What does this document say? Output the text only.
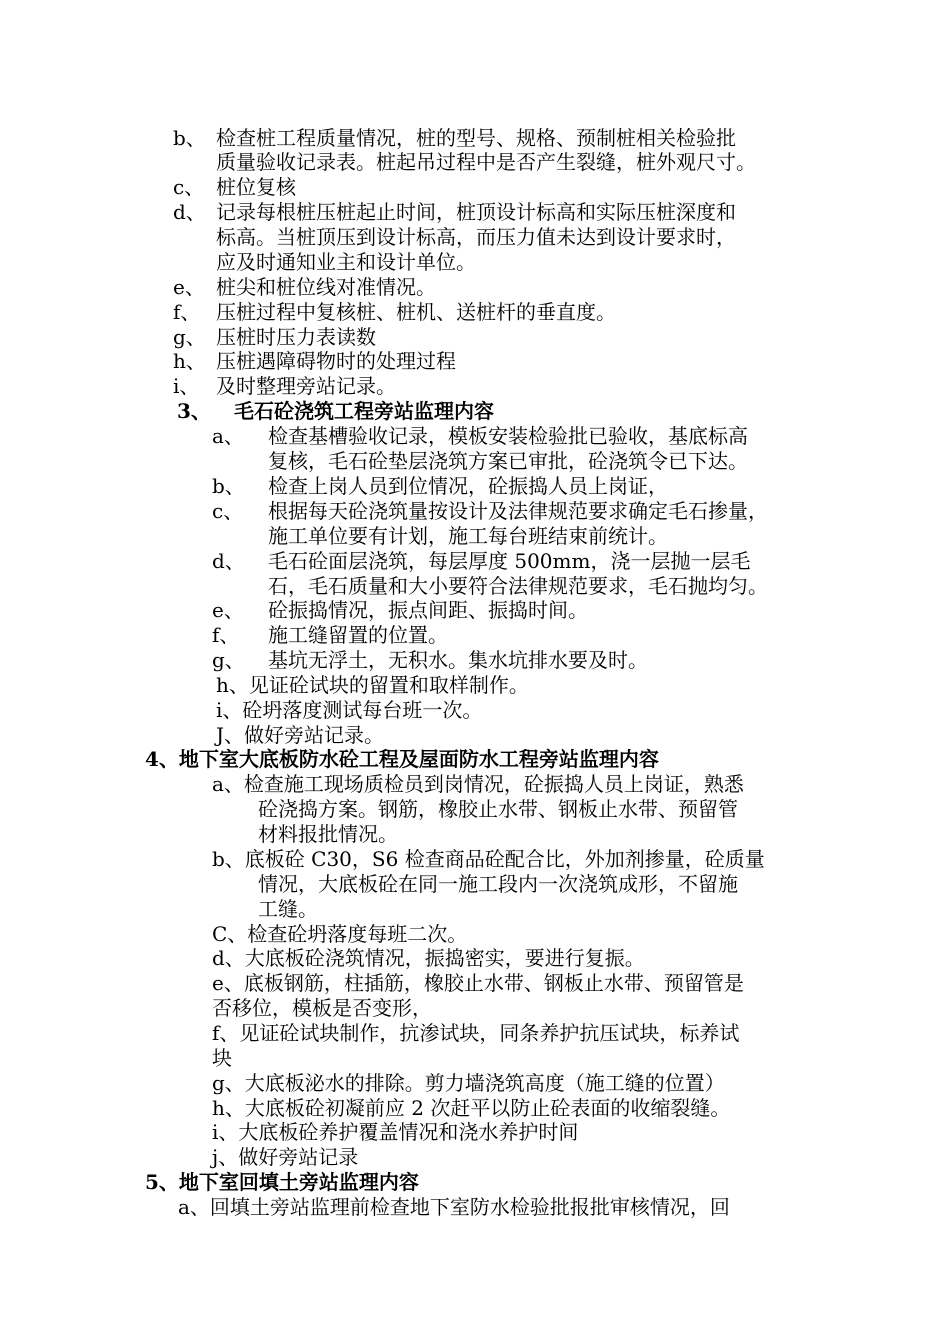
b、 检查桩工程质量情况，桩的型号、规格、预制桩相关检验批
质量验收记录表。桩起吊过程中是否产生裂缝，桩外观尺寸。
c、 桩位复核
d、 记录每根桩压桩起止时间，桩顶设计标高和实际压桩深度和
标高。当桩顶压到设计标高，而压力值未达到设计要求时，
应及时通知业主和设计单位。
e、 桩尖和桩位线对准情况。
f、 压桩过程中复核桩、桩机、送桩杆的垂直度。
g、 压桩时压力表读数
h、 压桩遇障碍物时的处理过程
i、 及时整理旁站记录。
3、 毛石砼浇筑工程旁站监理内容
a、 检查基槽验收记录，模板安装检验批已验收，基底标高
复核，毛石砼垫层浇筑方案已审批，砼浇筑令已下达。
b、 检查上岗人员到位情况，砼振捣人员上岗证，
c、 根据每天砼浇筑量按设计及法律规范要求确定毛石掺量，
施工单位要有计划，施工每台班结束前统计。
d、 毛石砼面层浇筑，每层厚度 500mm，浇一层抛一层毛
石，毛石质量和大小要符合法律规范要求，毛石抛均匀。
e、 砼振捣情况，振点间距、振捣时间。
f、 施工缝留置的位置。
g、 基坑无浮土，无积水。集水坑排水要及时。
h、见证砼试块的留置和取样制作。
i、砼坍落度测试每台班一次。
J、做好旁站记录。
4、地下室大底板防水砼工程及屋面防水工程旁站监理内容
a、检查施工现场质检员到岗情况，砼振捣人员上岗证，熟悉
砼浇捣方案。钢筋，橡胶止水带、钢板止水带、预留管
材料报批情况。
b、底板砼 C30，S6 检查商品砼配合比，外加剂掺量，砼质量
情况，大底板砼在同一施工段内一次浇筑成形，不留施
工缝。
C、检查砼坍落度每班二次。
d、大底板砼浇筑情况，振捣密实，要进行复振。
e、底板钢筋，柱插筋，橡胶止水带、钢板止水带、预留管是
否移位，模板是否变形，
f、见证砼试块制作，抗渗试块，同条养护抗压试块，标养试
块
g、大底板泌水的排除。剪力墙浇筑高度（施工缝的位置）
h、大底板砼初凝前应 2 次赶平以防止砼表面的收缩裂缝。
i、大底板砼养护覆盖情况和浇水养护时间
j、做好旁站记录
5、地下室回填土旁站监理内容
a、回填土旁站监理前检查地下室防水检验批报批审核情况，回
